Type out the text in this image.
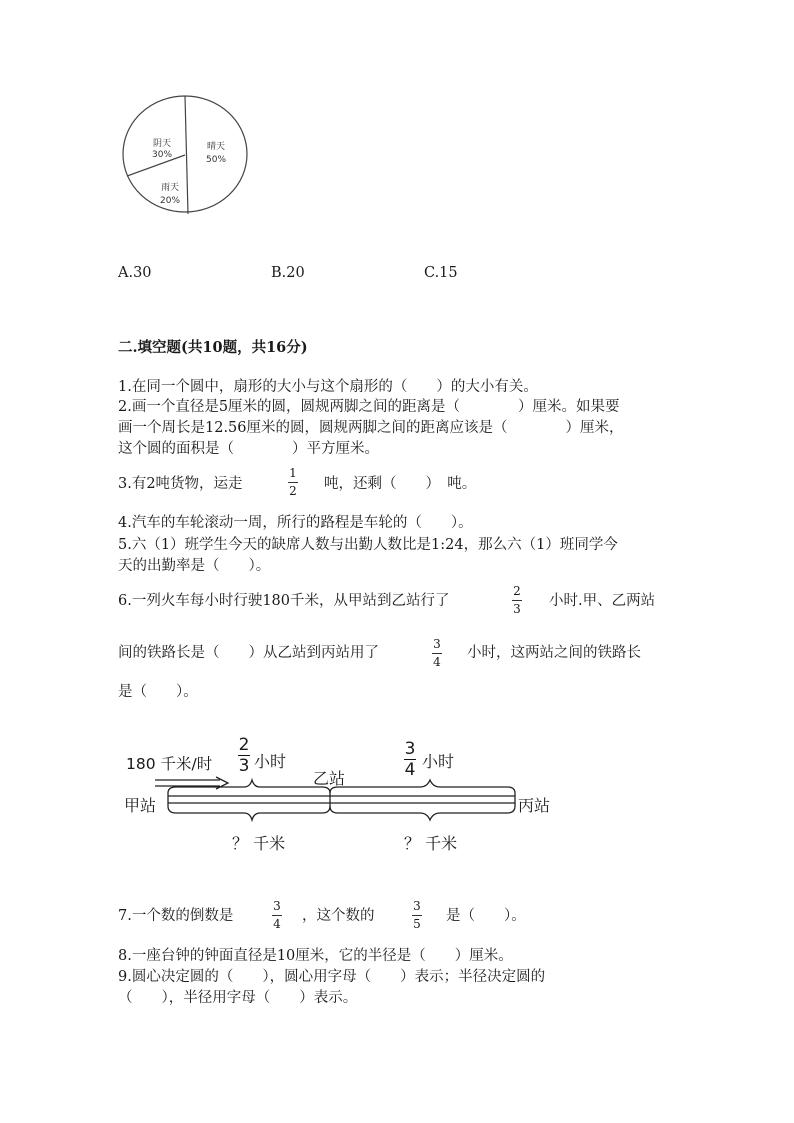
晴天
50%
阴天
30%
雨天
20%
A.30	B.20	C.15
二.填空题(共10题，共16分)
1.在同一个圆中，扇形的大小与这个扇形的（　　）的大小有关。
2.画一个直径是5厘米的圆，圆规两脚之间的距离是（　　　　）厘米。如果要
画一个周长是12.56厘米的圆，圆规两脚之间的距离应该是（　　　　）厘米，
这个圆的面积是（　　　　）平方厘米。
3.有2吨货物，运走
1
2 吨，还剩（　　）　吨。
4.汽车的车轮滚动一周，所行的路程是车轮的（　　）。
5.六（1）班学生今天的缺席人数与出勤人数比是1:24，那么六（1）班同学今
天的出勤率是（　　）。
6.一列火车每小时行驶180千米，从甲站到乙站行了
2
3 小时.甲、乙两站
间的铁路长是（　　）从乙站到丙站用了
3
4
小时，这两站之间的铁路长
是（　　）。
180 千米/时
2
3 小时
乙站
3
4 小时
甲站	丙站
？ 千米	？ 千米
7.一个数的倒数是
3
4 ，这个数的
3
5 是（　　）。
8.一座台钟的钟面直径是10厘米，它的半径是（　　）厘米。
9.圆心决定圆的（　　），圆心用字母（　　）表示；半径决定圆的
（　　），半径用字母（　　）表示。
